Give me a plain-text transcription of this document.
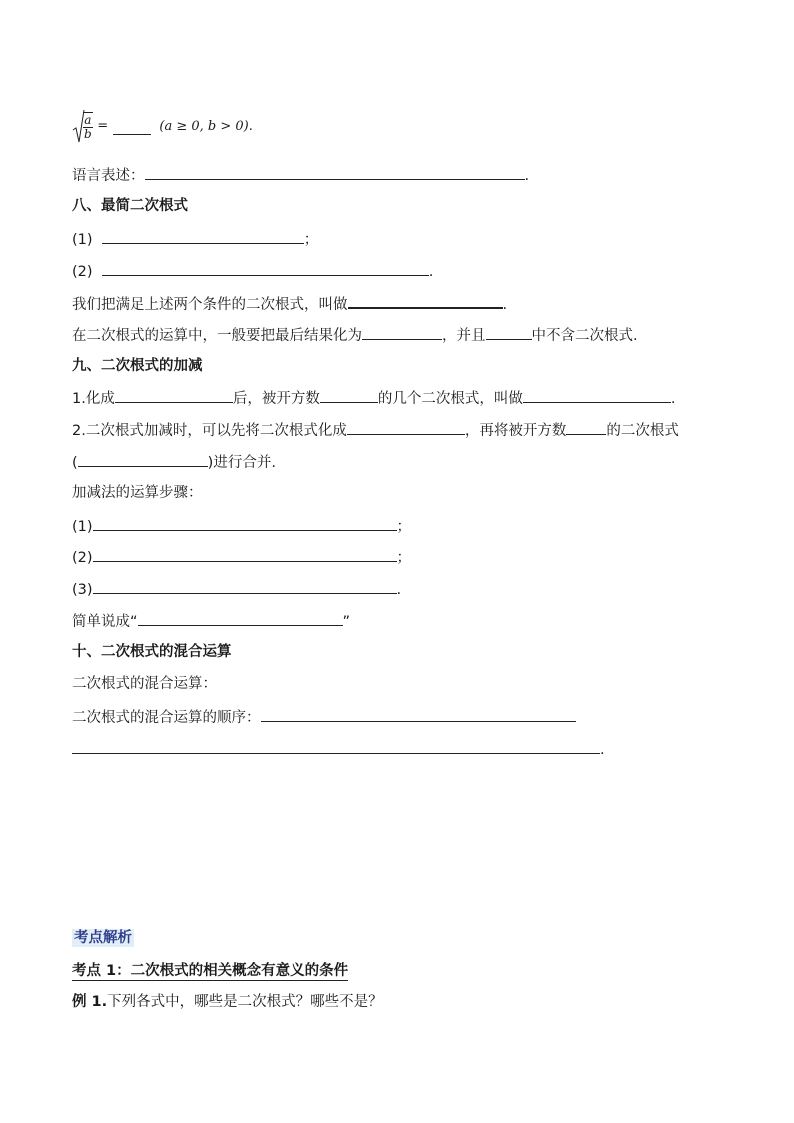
$\frac{a}{b}$ =	(a ≥ 0, b > 0).
语言表述：	.
八、最简二次根式
(1)	；
(2)	.
我们把满足上述两个条件的二次根式，叫做	.
在二次根式的运算中，一般要把最后结果化为	，并且	中不含二次根式.
九、二次根式的加减
1.化成	后，被开方数	的几个二次根式，叫做	.
2.二次根式加减时，可以先将二次根式化成	，再将被开方数	的二次根式
(	)进行合并.
加减法的运算步骤：
(1)	；
(2)	；
(3)	.
简单说成“	”
十、二次根式的混合运算
二次根式的混合运算：
二次根式的混合运算的顺序：
.
考点解析
考点 1：二次根式的相关概念有意义的条件
例 1.下列各式中，哪些是二次根式？哪些不是？
